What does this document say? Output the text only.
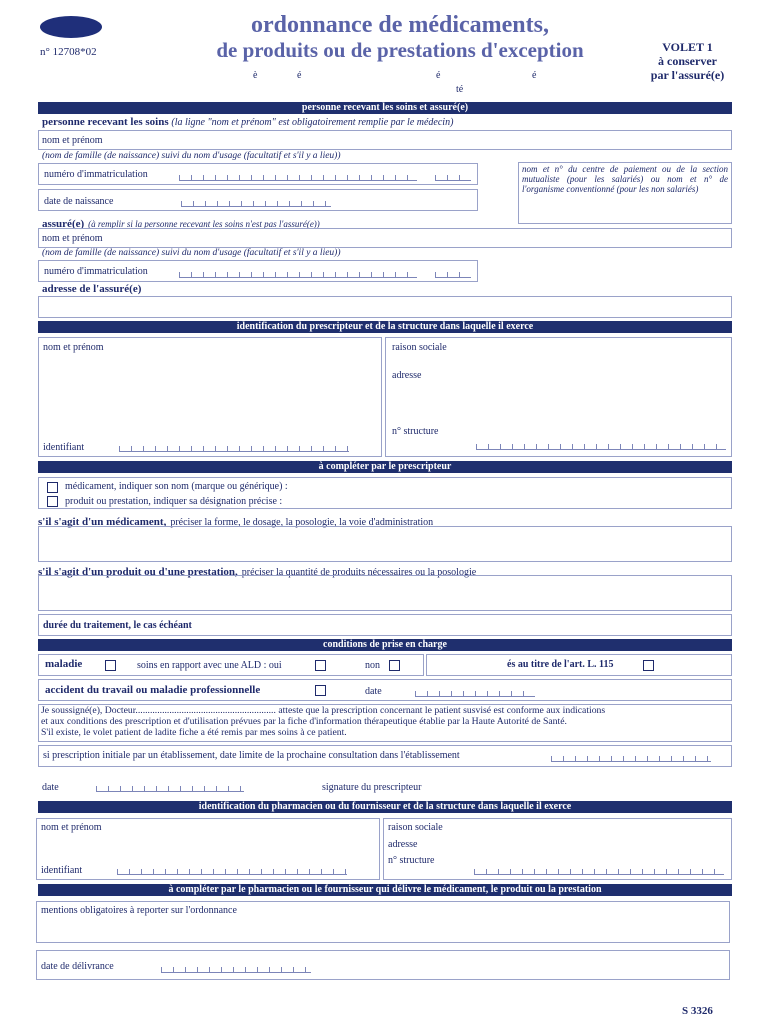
n° 12708*02
ordonnance de médicaments,
de produits ou de prestations d'exception
è	é	é	é
té
VOLET 1
à conserver
par l'assuré(e)
personne recevant les soins et assuré(e)
personne recevant les soins (la ligne "nom et prénom" est obligatoirement remplie par le médecin)
nom et prénom
(nom de famille (de naissance) suivi du nom d'usage (facultatif et s'il y a lieu))
numéro d'immatriculation
date de naissance
nom et n° du centre de paiement ou de la section mutualiste (pour les salariés) ou nom et n° de l'organisme conventionné (pour les non salariés)
assuré(e) (à remplir si la personne recevant les soins n'est pas l'assuré(e))
nom et prénom
(nom de famille (de naissance) suivi du nom d'usage (facultatif et s'il y a lieu))
numéro d'immatriculation
adresse de l'assuré(e)
identification du prescripteur et de la structure dans laquelle il exerce
nom et prénom
identifiant
raison sociale
adresse
n° structure
à compléter par le prescripteur
médicament, indiquer son nom (marque ou générique) :
produit ou prestation, indiquer sa désignation précise :
s'il s'agit d'un médicament, préciser la forme, le dosage, la posologie, la voie d'administration
s'il s'agit d'un produit ou d'une prestation, préciser la quantité de produits nécessaires ou la posologie
durée du traitement, le cas échéant
conditions de prise en charge
maladie	soins en rapport avec une ALD : oui	non	és au titre de l'art. L. 115
accident du travail ou maladie professionnelle	date
Je soussigné(e), Docteur.......................................................... atteste que la prescription concernant le patient susvisé est conforme aux indications
et aux conditions des prescription et d'utilisation prévues par la fiche d'information thérapeutique établie par la Haute Autorité de Santé.
S'il existe, le volet patient de ladite fiche a été remis par mes soins à ce patient.
si prescription initiale par un établissement, date limite de la prochaine consultation dans l'établissement
date	signature du prescripteur
identification du pharmacien ou du fournisseur et de la structure dans laquelle il exerce
nom et prénom
identifiant
raison sociale
adresse
n° structure
à compléter par le pharmacien ou le fournisseur qui délivre le médicament, le produit ou la prestation
mentions obligatoires à reporter sur l'ordonnance
date de délivrance
S 3326
